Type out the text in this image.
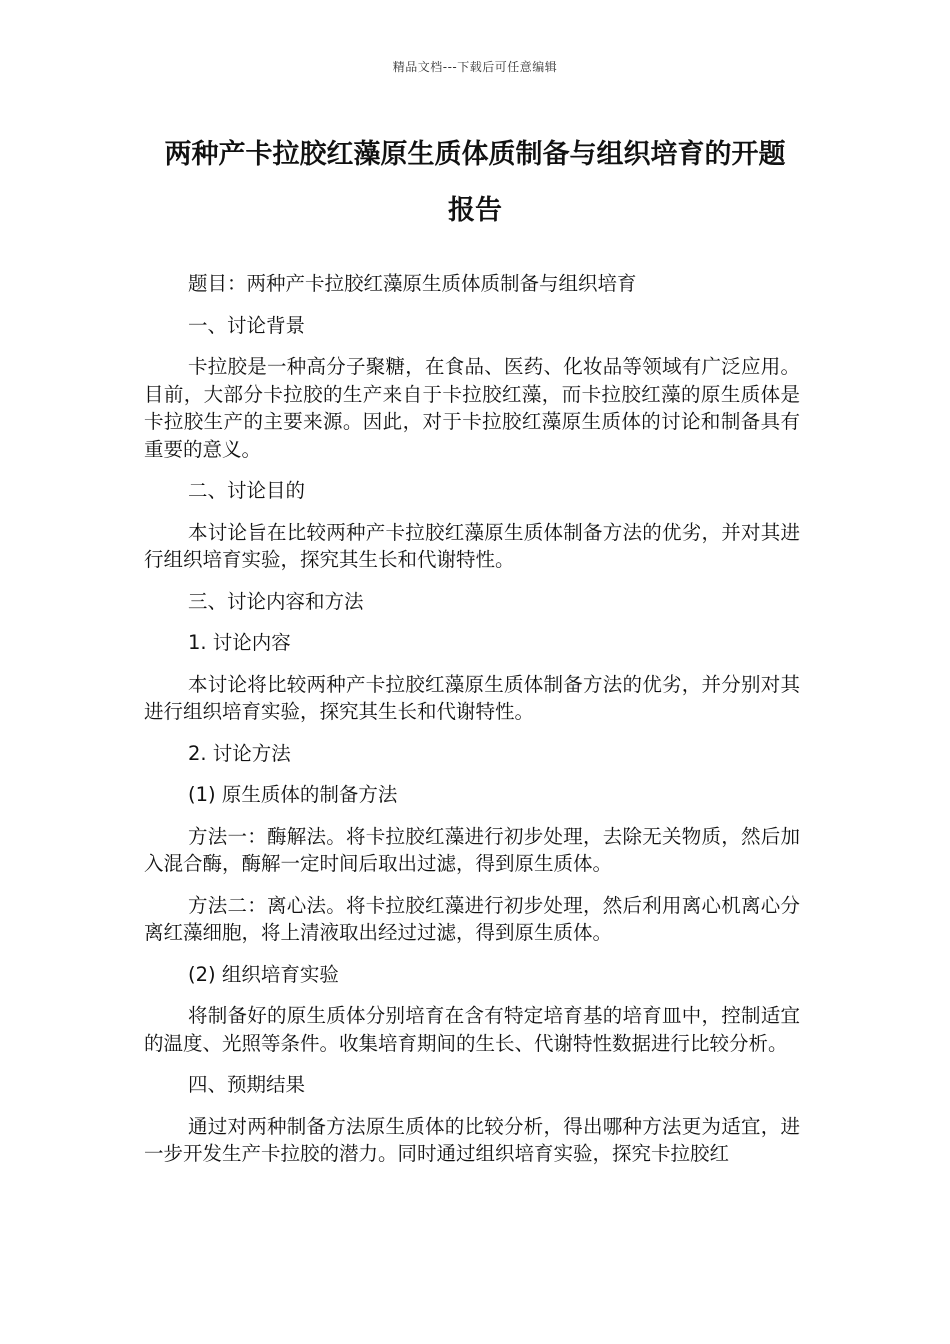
精品文档---下载后可任意编辑
两种产卡拉胶红藻原生质体质制备与组织培育的开题
报告

题目：两种产卡拉胶红藻原生质体质制备与组织培育

一、讨论背景

卡拉胶是一种高分子聚糖，在食品、医药、化妆品等领域有广泛应用。目前，大部分卡拉胶的生产来自于卡拉胶红藻，而卡拉胶红藻的原生质体是卡拉胶生产的主要来源。因此，对于卡拉胶红藻原生质体的讨论和制备具有重要的意义。

二、讨论目的

本讨论旨在比较两种产卡拉胶红藻原生质体制备方法的优劣，并对其进行组织培育实验，探究其生长和代谢特性。

三、讨论内容和方法

1. 讨论内容

本讨论将比较两种产卡拉胶红藻原生质体制备方法的优劣，并分别对其进行组织培育实验，探究其生长和代谢特性。

2. 讨论方法

(1) 原生质体的制备方法

方法一：酶解法。将卡拉胶红藻进行初步处理，去除无关物质，然后加入混合酶，酶解一定时间后取出过滤，得到原生质体。

方法二：离心法。将卡拉胶红藻进行初步处理，然后利用离心机离心分离红藻细胞，将上清液取出经过过滤，得到原生质体。

(2) 组织培育实验

将制备好的原生质体分别培育在含有特定培育基的培育皿中，控制适宜的温度、光照等条件。收集培育期间的生长、代谢特性数据进行比较分析。

四、预期结果

通过对两种制备方法原生质体的比较分析，得出哪种方法更为适宜，进一步开发生产卡拉胶的潜力。同时通过组织培育实验，探究卡拉胶红
